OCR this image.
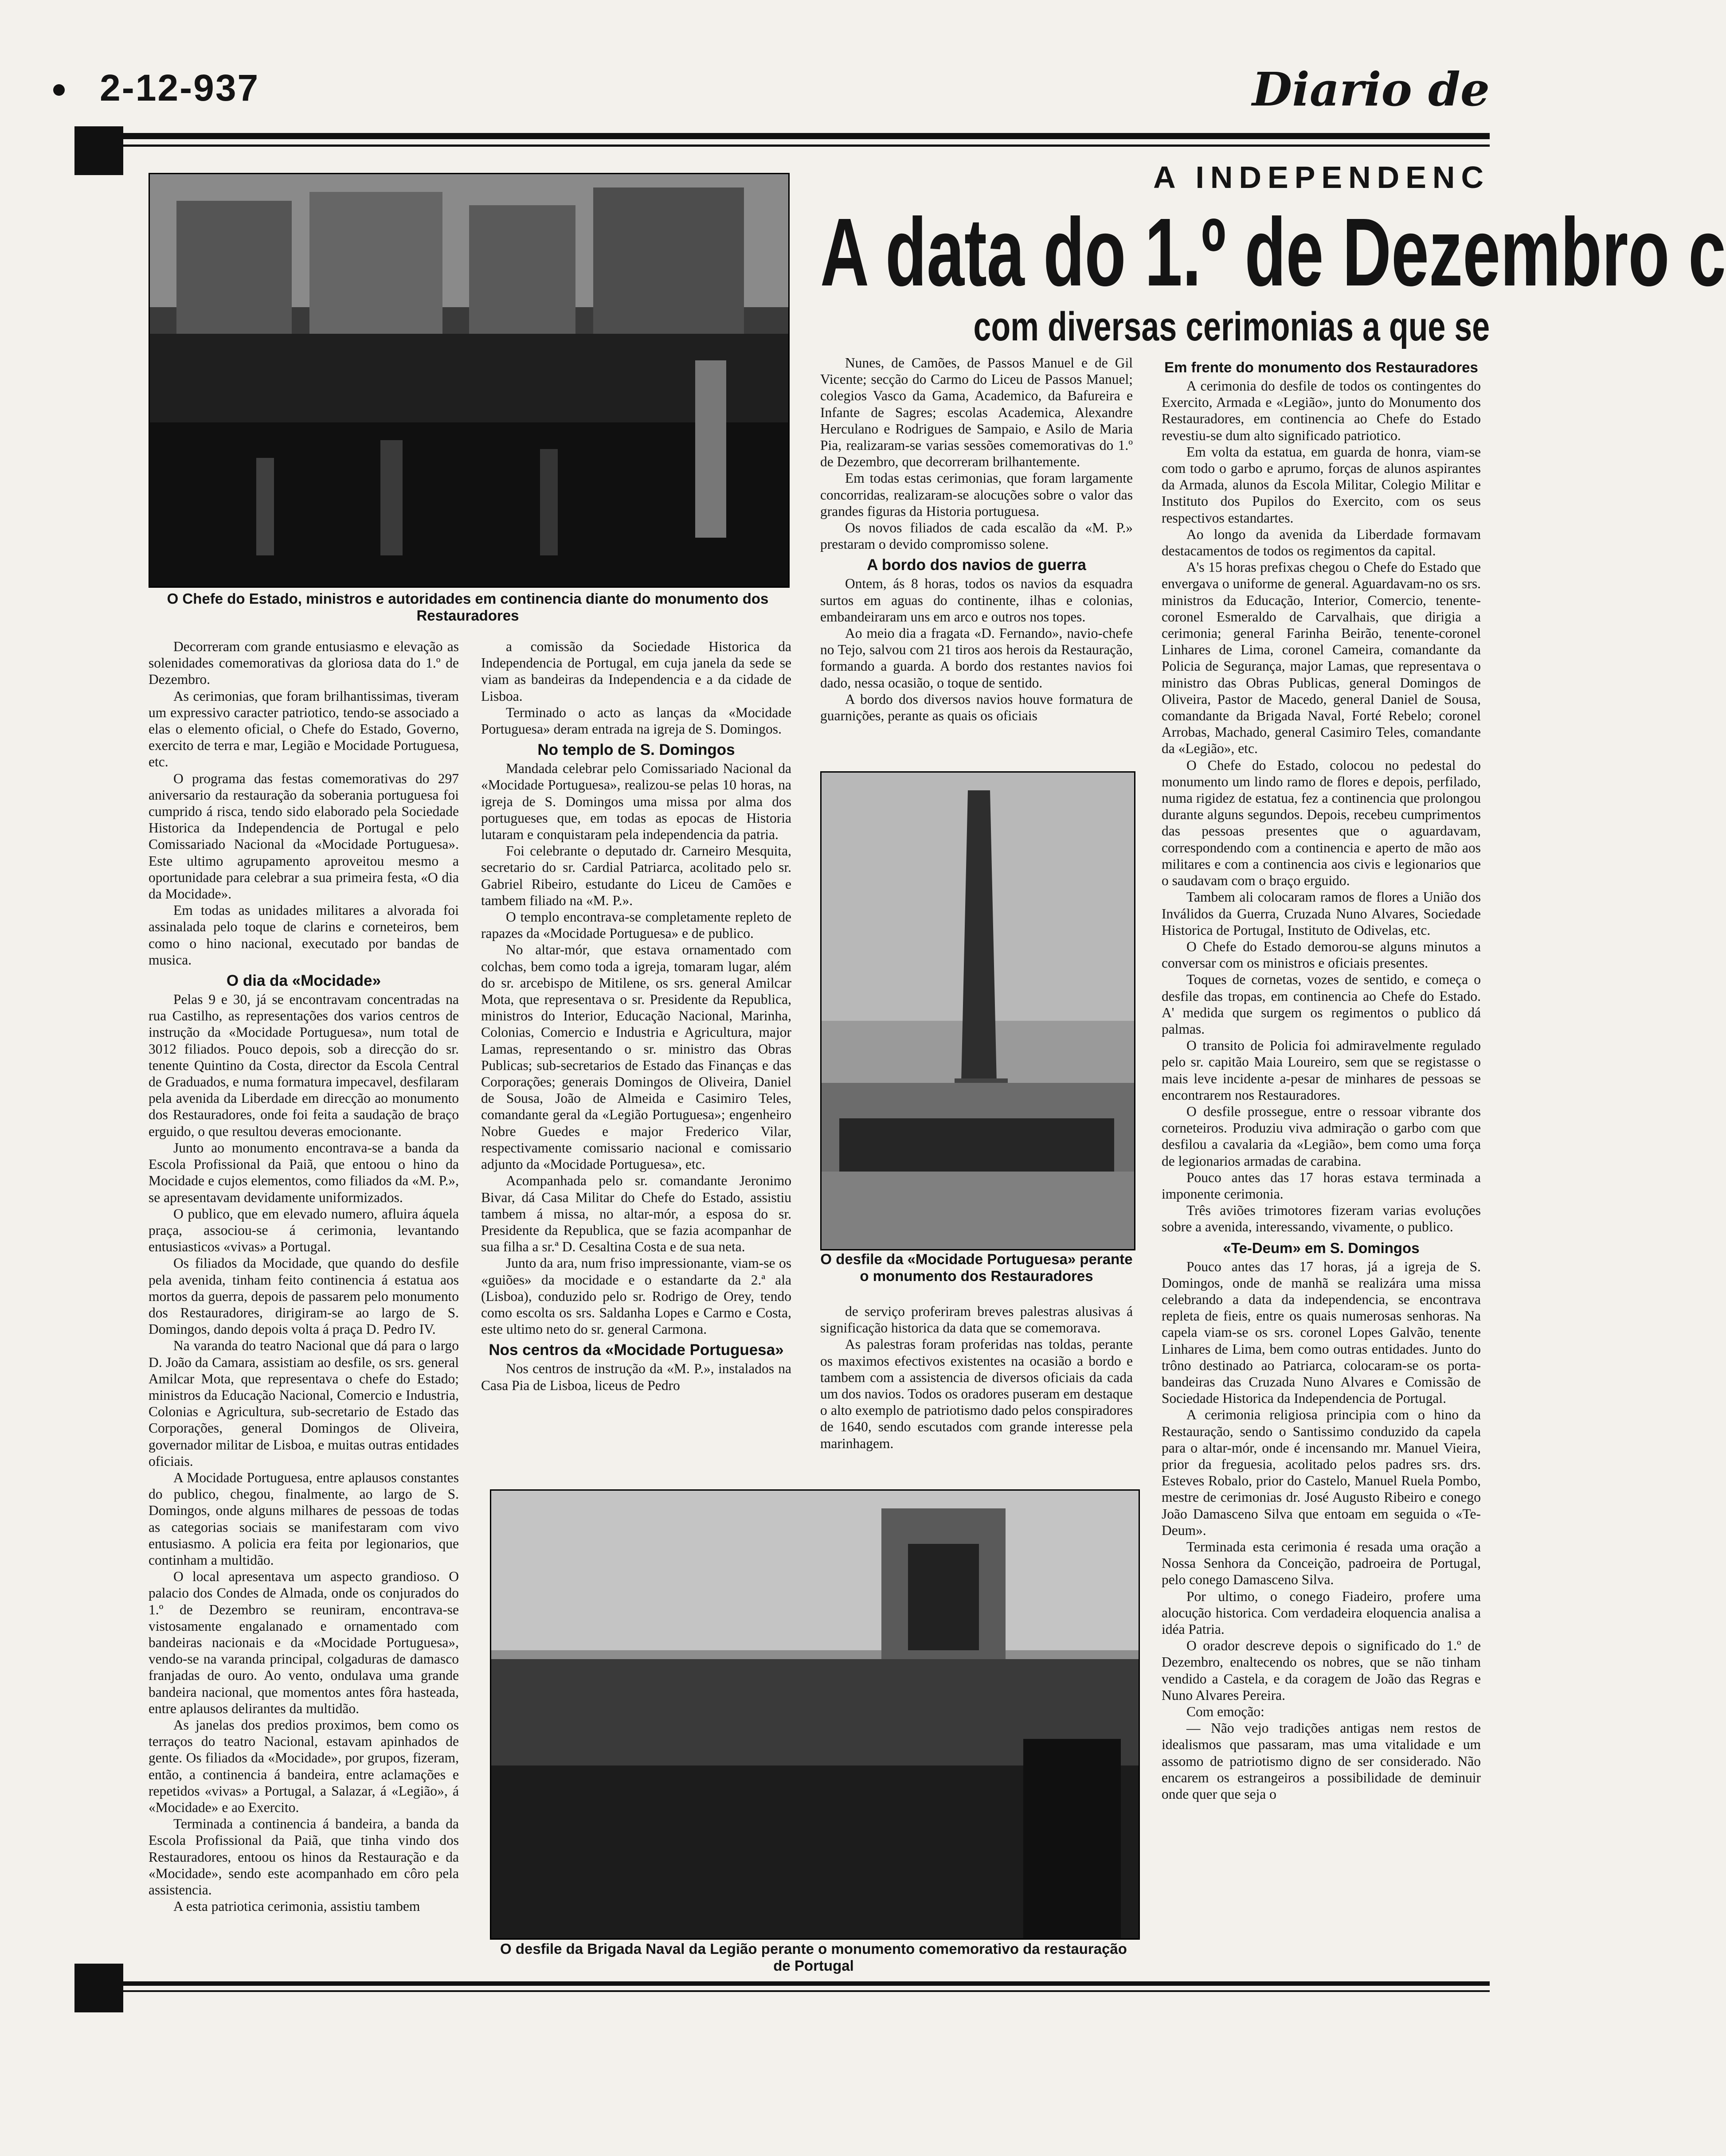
2-12-937	Diario de
A INDEPENDENC
A data do 1.º de Dezembro c
com diversas cerimonias a que se
O Chefe do Estado, ministros e autoridades em continencia diante do monumento dos Restauradores

Decorreram com grande entusiasmo e elevação as solenidades comemorativas da gloriosa data do 1.º de Dezembro.

As cerimonias, que foram brilhantissimas, tiveram um expressivo caracter patriotico, tendo-se associado a elas o elemento oficial, o Chefe do Estado, Governo, exercito de terra e mar, Legião e Mocidade Portuguesa, etc.

O programa das festas comemorativas do 297 aniversario da restauração da soberania portuguesa foi cumprido á risca, tendo sido elaborado pela Sociedade Historica da Independencia de Portugal e pelo Comissariado Nacional da «Mocidade Portuguesa». Este ultimo agrupamento aproveitou mesmo a oportunidade para celebrar a sua primeira festa, «O dia da Mocidade».

Em todas as unidades militares a alvorada foi assinalada pelo toque de clarins e corneteiros, bem como o hino nacional, executado por bandas de musica.

O dia da «Mocidade»

Pelas 9 e 30, já se encontravam concentradas na rua Castilho, as representações dos varios centros de instrução da «Mocidade Portuguesa», num total de 3012 filiados. Pouco depois, sob a direcção do sr. tenente Quintino da Costa, director da Escola Central de Graduados, e numa formatura impecavel, desfilaram pela avenida da Liberdade em direcção ao monumento dos Restauradores, onde foi feita a saudação de braço erguido, o que resultou deveras emocionante.

Junto ao monumento encontrava-se a banda da Escola Profissional da Paiã, que entoou o hino da Mocidade e cujos elementos, como filiados da «M. P.», se apresentavam devidamente uniformizados.

O publico, que em elevado numero, afluira áquela praça, associou-se á cerimonia, levantando entusiasticos «vivas» a Portugal.

Os filiados da Mocidade, que quando do desfile pela avenida, tinham feito continencia á estatua aos mortos da guerra, depois de passarem pelo monumento dos Restauradores, dirigiram-se ao largo de S. Domingos, dando depois volta á praça D. Pedro IV.

Na varanda do teatro Nacional que dá para o largo D. João da Camara, assistiam ao desfile, os srs. general Amilcar Mota, que representava o chefe do Estado; ministros da Educação Nacional, Comercio e Industria, Colonias e Agricultura, sub-secretario de Estado das Corporações, general Domingos de Oliveira, governador militar de Lisboa, e muitas outras entidades oficiais.

A Mocidade Portuguesa, entre aplausos constantes do publico, chegou, finalmente, ao largo de S. Domingos, onde alguns milhares de pessoas de todas as categorias sociais se manifestaram com vivo entusiasmo. A policia era feita por legionarios, que continham a multidão.

O local apresentava um aspecto grandioso. O palacio dos Condes de Almada, onde os conjurados do 1.º de Dezembro se reuniram, encontrava-se vistosamente engalanado e ornamentado com bandeiras nacionais e da «Mocidade Portuguesa», vendo-se na varanda principal, colgaduras de damasco franjadas de ouro. Ao vento, ondulava uma grande bandeira nacional, que momentos antes fôra hasteada, entre aplausos delirantes da multidão.

As janelas dos predios proximos, bem como os terraços do teatro Nacional, estavam apinhados de gente. Os filiados da «Mocidade», por grupos, fizeram, então, a continencia á bandeira, entre aclamações e repetidos «vivas» a Portugal, a Salazar, á «Legião», á «Mocidade» e ao Exercito.

Terminada a continencia á bandeira, a banda da Escola Profissional da Paiã, que tinha vindo dos Restauradores, entoou os hinos da Restauração e da «Mocidade», sendo este acompanhado em côro pela assistencia.

A esta patriotica cerimonia, assistiu tambem

a comissão da Sociedade Historica da Independencia de Portugal, em cuja janela da sede se viam as bandeiras da Independencia e a da cidade de Lisboa.

Terminado o acto as lanças da «Mocidade Portuguesa» deram entrada na igreja de S. Domingos.

No templo de S. Domingos

Mandada celebrar pelo Comissariado Nacional da «Mocidade Portuguesa», realizou-se pelas 10 horas, na igreja de S. Domingos uma missa por alma dos portugueses que, em todas as epocas de Historia lutaram e conquistaram pela independencia da patria.

Foi celebrante o deputado dr. Carneiro Mesquita, secretario do sr. Cardial Patriarca, acolitado pelo sr. Gabriel Ribeiro, estudante do Liceu de Camões e tambem filiado na «M. P.».

O templo encontrava-se completamente repleto de rapazes da «Mocidade Portuguesa» e de publico.

No altar-mór, que estava ornamentado com colchas, bem como toda a igreja, tomaram lugar, além do sr. arcebispo de Mitilene, os srs. general Amilcar Mota, que representava o sr. Presidente da Republica, ministros do Interior, Educação Nacional, Marinha, Colonias, Comercio e Industria e Agricultura, major Lamas, representando o sr. ministro das Obras Publicas; sub-secretarios de Estado das Finanças e das Corporações; generais Domingos de Oliveira, Daniel de Sousa, João de Almeida e Casimiro Teles, comandante geral da «Legião Portuguesa»; engenheiro Nobre Guedes e major Frederico Vilar, respectivamente comissario nacional e comissario adjunto da «Mocidade Portuguesa», etc.

Acompanhada pelo sr. comandante Jeronimo Bivar, dá Casa Militar do Chefe do Estado, assistiu tambem á missa, no altar-mór, a esposa do sr. Presidente da Republica, que se fazia acompanhar de sua filha a sr.ª D. Cesaltina Costa e de sua neta.

Junto da ara, num friso impressionante, viam-se os «guiões» da mocidade e o estandarte da 2.ª ala (Lisboa), conduzido pelo sr. Rodrigo de Orey, tendo como escolta os srs. Saldanha Lopes e Carmo e Costa, este ultimo neto do sr. general Carmona.

Nos centros da «Mocidade Portuguesa»

Nos centros de instrução da «M. P.», instalados na Casa Pia de Lisboa, liceus de Pedro

Nunes, de Camões, de Passos Manuel e de Gil Vicente; secção do Carmo do Liceu de Passos Manuel; colegios Vasco da Gama, Academico, da Bafureira e Infante de Sagres; escolas Academica, Alexandre Herculano e Rodrigues de Sampaio, e Asilo de Maria Pia, realizaram-se varias sessões comemorativas do 1.º de Dezembro, que decorreram brilhantemente.

Em todas estas cerimonias, que foram largamente concorridas, realizaram-se alocuções sobre o valor das grandes figuras da Historia portuguesa.

Os novos filiados de cada escalão da «M. P.» prestaram o devido compromisso solene.

A bordo dos navios de guerra

Ontem, ás 8 horas, todos os navios da esquadra surtos em aguas do continente, ilhas e colonias, embandeiraram uns em arco e outros nos topes.

Ao meio dia a fragata «D. Fernando», navio-chefe no Tejo, salvou com 21 tiros aos herois da Restauração, formando a guarda. A bordo dos restantes navios foi dado, nessa ocasião, o toque de sentido.

A bordo dos diversos navios houve formatura de guarnições, perante as quais os oficiais

O desfile da «Mocidade Portuguesa» perante o monumento dos Restauradores

de serviço proferiram breves palestras alusivas á significação historica da data que se comemorava.

As palestras foram proferidas nas toldas, perante os maximos efectivos existentes na ocasião a bordo e tambem com a assistencia de diversos oficiais da cada um dos navios. Todos os oradores puseram em destaque o alto exemplo de patriotismo dado pelos conspiradores de 1640, sendo escutados com grande interesse pela marinhagem.

O desfile da Brigada Naval da Legião perante o monumento comemorativo da restauração de Portugal
Em frente do monumento dos Restauradores

A cerimonia do desfile de todos os contingentes do Exercito, Armada e «Legião», junto do Monumento dos Restauradores, em continencia ao Chefe do Estado revestiu-se dum alto significado patriotico.

Em volta da estatua, em guarda de honra, viam-se com todo o garbo e aprumo, forças de alunos aspirantes da Armada, alunos da Escola Militar, Colegio Militar e Instituto dos Pupilos do Exercito, com os seus respectivos estandartes.

Ao longo da avenida da Liberdade formavam destacamentos de todos os regimentos da capital.

A's 15 horas prefixas chegou o Chefe do Estado que envergava o uniforme de general. Aguardavam-no os srs. ministros da Educação, Interior, Comercio, tenente-coronel Esmeraldo de Carvalhais, que dirigia a cerimonia; general Farinha Beirão, tenente-coronel Linhares de Lima, coronel Cameira, comandante da Policia de Segurança, major Lamas, que representava o ministro das Obras Publicas, general Domingos de Oliveira, Pastor de Macedo, general Daniel de Sousa, comandante da Brigada Naval, Forté Rebelo; coronel Arrobas, Machado, general Casimiro Teles, comandante da «Legião», etc.

O Chefe do Estado, colocou no pedestal do monumento um lindo ramo de flores e depois, perfilado, numa rigidez de estatua, fez a continencia que prolongou durante alguns segundos. Depois, recebeu cumprimentos das pessoas presentes que o aguardavam, correspondendo com a continencia e aperto de mão aos militares e com a continencia aos civis e legionarios que o saudavam com o braço erguido.

Tambem ali colocaram ramos de flores a União dos Inválidos da Guerra, Cruzada Nuno Alvares, Sociedade Historica de Portugal, Instituto de Odivelas, etc.

O Chefe do Estado demorou-se alguns minutos a conversar com os ministros e oficiais presentes.

Toques de cornetas, vozes de sentido, e começa o desfile das tropas, em continencia ao Chefe do Estado. A' medida que surgem os regimentos o publico dá palmas.

O transito de Policia foi admiravelmente regulado pelo sr. capitão Maia Loureiro, sem que se registasse o mais leve incidente a-pesar de minhares de pessoas se encontrarem nos Restauradores.

O desfile prossegue, entre o ressoar vibrante dos corneteiros. Produziu viva admiração o garbo com que desfilou a cavalaria da «Legião», bem como uma força de legionarios armadas de carabina.

Pouco antes das 17 horas estava terminada a imponente cerimonia.

Três aviões trimotores fizeram varias evoluções sobre a avenida, interessando, vivamente, o publico.

«Te-Deum» em S. Domingos

Pouco antes das 17 horas, já a igreja de S. Domingos, onde de manhã se realizára uma missa celebrando a data da independencia, se encontrava repleta de fieis, entre os quais numerosas senhoras. Na capela viam-se os srs. coronel Lopes Galvão, tenente Linhares de Lima, bem como outras entidades. Junto do trôno destinado ao Patriarca, colocaram-se os porta-bandeiras das Cruzada Nuno Alvares e Comissão de Sociedade Historica da Independencia de Portugal.

A cerimonia religiosa principia com o hino da Restauração, sendo o Santissimo conduzido da capela para o altar-mór, onde é incensando mr. Manuel Vieira, prior da freguesia, acolitado pelos padres srs. drs. Esteves Robalo, prior do Castelo, Manuel Ruela Pombo, mestre de cerimonias dr. José Augusto Ribeiro e conego João Damasceno Silva que entoam em seguida o «Te-Deum».

Terminada esta cerimonia é resada uma oração a Nossa Senhora da Conceição, padroeira de Portugal, pelo conego Damasceno Silva.

Por ultimo, o conego Fiadeiro, profere uma alocução historica. Com verdadeira eloquencia analisa a idéa Patria.

O orador descreve depois o significado do 1.º de Dezembro, enaltecendo os nobres, que se não tinham vendido a Castela, e da coragem de João das Regras e Nuno Alvares Pereira.

Com emoção:

— Não vejo tradições antigas nem restos de idealismos que passaram, mas uma vitalidade e um assomo de patriotismo digno de ser considerado. Não encarem os estrangeiros a possibilidade de deminuir onde quer que seja o
